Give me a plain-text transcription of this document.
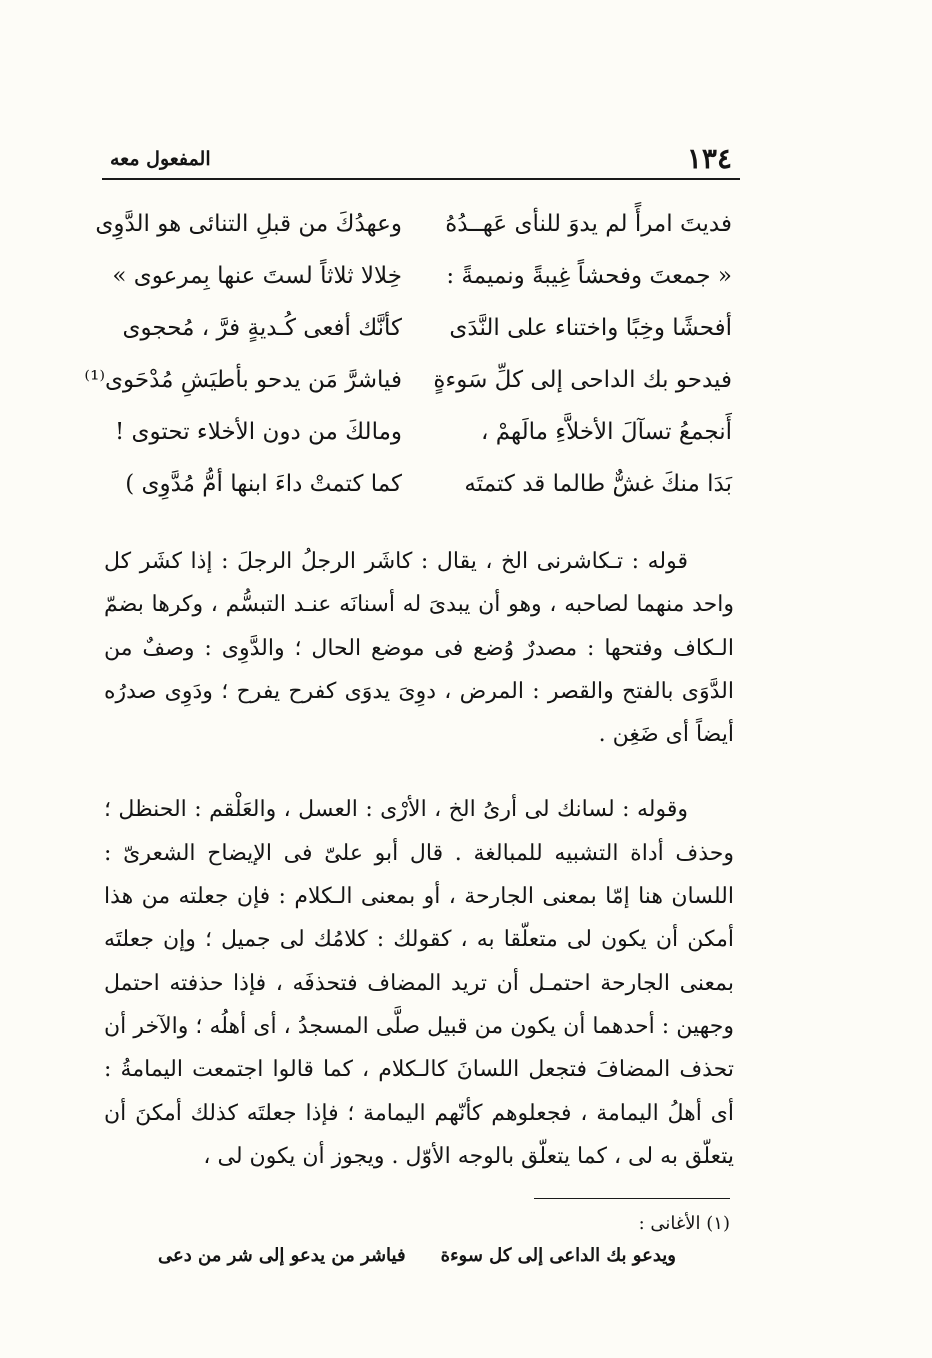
١٣٤
المفعول معه
فديتَ امرأً لم يدوَ للنأى عَهــدُهُ
وعهدُكَ من قبلِ التنائى هو الدَّوِى
« جمعتَ وفحشاً غِيبةً ونميمةً :
خِلالا ثلاثاً لستَ عنها بِمرعوى »
أفحشًا وخِبًا واختناء على النَّدَى
كأنَّك أفعى كُـديةٍ فرَّ ، مُحجوى
فيدحو بك الداحى إلى كلِّ سَوءةٍ
فياشرَّ مَن يدحو بأطيَشِ مُدْحَوى⁽¹⁾
أَنجمعُ تسآلَ الأخلاَّءِ مالَهمْ ،
ومالكَ من دون الأخلاء تحتوى !
بَدَا منكَ غشٌّ طالما قد كتمتَه
كما كتمتْ داءَ ابنها أمُّ مُدَّوِى )

قوله : تـكاشرنى الخ ، يقال : كاشَر الرجلُ الرجلَ : إذا كشَر كل واحد منهما لصاحبه ، وهو أن يبدىَ له أسنانَه عنـد التبسُّم ، وكرها بضمّ الـكاف وفتحها : مصدرٌ وُضع فى موضع الحال ؛ والدَّوِى : وصفٌ من الدَّوَى بالفتح والقصر : المرض ، دوِىَ يدوَى كفرح يفرح ؛ ودَوِى صدرُه أيضاً أى ضَغِن .

وقوله : لسانك لى أرىُ الخ ، الأرْى : العسل ، والعَلْقم : الحنظل ؛ وحذف أداة التشبيه للمبالغة . قال أبو علىّ فى الإيضاح الشعرىّ : اللسان هنا إمّا بمعنى الجارحة ، أو بمعنى الـكلام : فإن جعلته من هذا أمكن أن يكون لى متعلّقا به ، كقولك : كلامُك لى جميل ؛ وإن جعلتَه بمعنى الجارحة احتمـل أن تريد المضاف فتحذفَه ، فإذا حذفته احتمل وجهين : أحدهما أن يكون من قبيل صلَّى المسجدُ ، أى أهلُه ؛ والآخر أن تحذف المضافَ فتجعل اللسانَ كالـكلام ، كما قالوا اجتمعت اليمامةُ : أى أهلُ اليمامة ، فجعلوهم كأنّهم اليمامة ؛ فإذا جعلتَه كذلك أمكنَ أن يتعلّق به لى ، كما يتعلّق بالوجه الأوّل . ويجوز أن يكون لى ،

(١) الأغانى :
ويدعو بك الداعى إلى كل سوءة
فياشر من يدعو إلى شر من دعى
